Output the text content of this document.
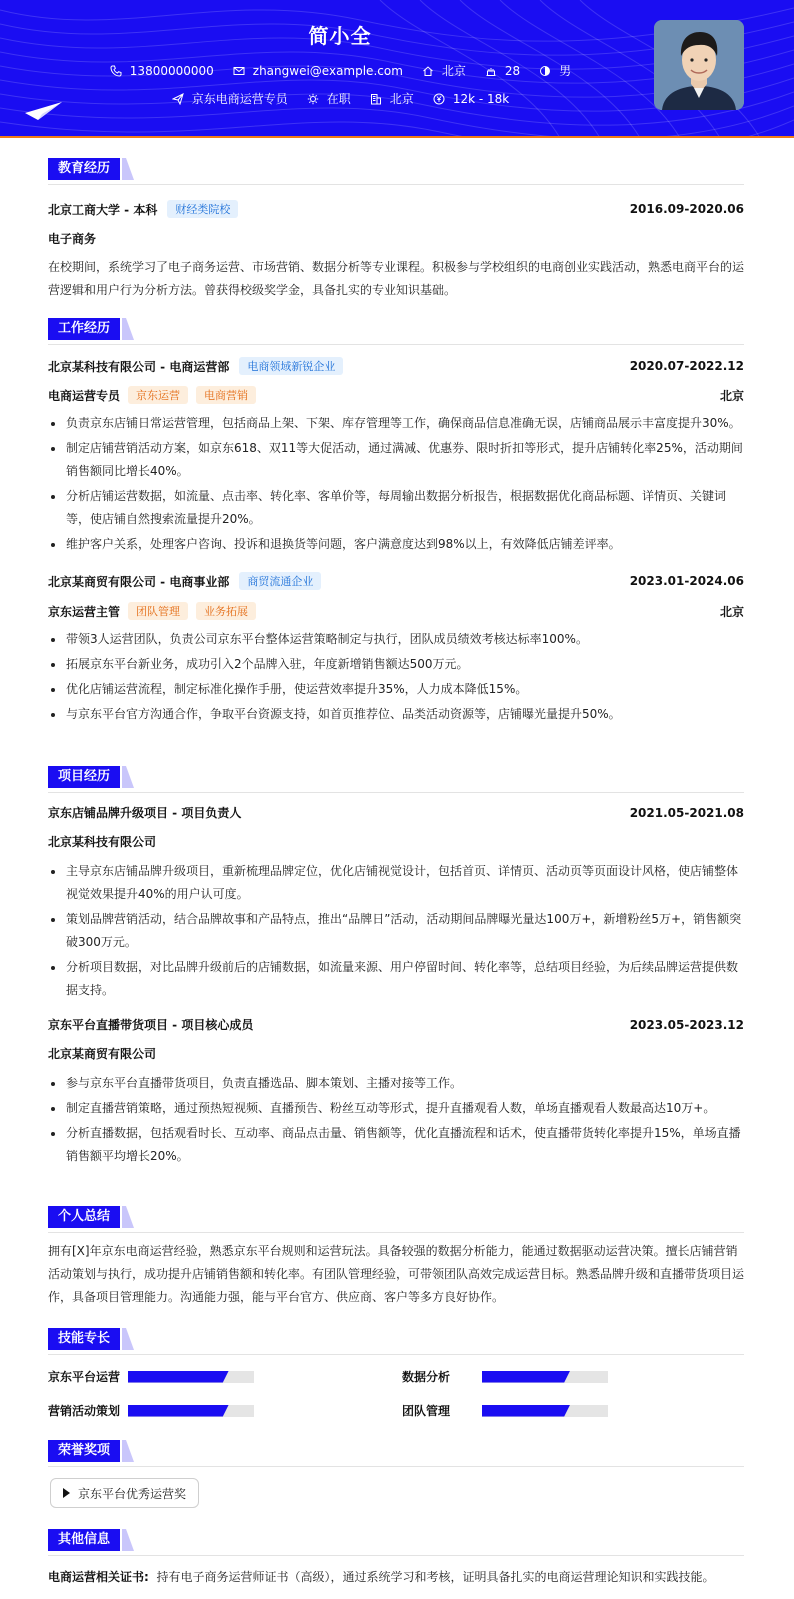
简小全
13800000000	zhangwei@example.com	北京	28	男
京东电商运营专员	在职	北京	12k - 18k
教育经历
北京工商大学 - 本科	财经类院校	2016.09-2020.06
电子商务
在校期间，系统学习了电子商务运营、市场营销、数据分析等专业课程。积极参与学校组织的电商创业实践活动，熟悉电商平台的运营逻辑和用户行为分析方法。曾获得校级奖学金，具备扎实的专业知识基础。
工作经历
北京某科技有限公司 - 电商运营部	电商领域新锐企业	2020.07-2022.12
电商运营专员	京东运营	电商营销	北京
负责京东店铺日常运营管理，包括商品上架、下架、库存管理等工作，确保商品信息准确无误，店铺商品展示丰富度提升30%。
制定店铺营销活动方案，如京东618、双11等大促活动，通过满减、优惠券、限时折扣等形式，提升店铺转化率25%，活动期间销售额同比增长40%。
分析店铺运营数据，如流量、点击率、转化率、客单价等，每周输出数据分析报告，根据数据优化商品标题、详情页、关键词等，使店铺自然搜索流量提升20%。
维护客户关系，处理客户咨询、投诉和退换货等问题，客户满意度达到98%以上，有效降低店铺差评率。
北京某商贸有限公司 - 电商事业部	商贸流通企业	2023.01-2024.06
京东运营主管	团队管理	业务拓展	北京
带领3人运营团队，负责公司京东平台整体运营策略制定与执行，团队成员绩效考核达标率100%。
拓展京东平台新业务，成功引入2个品牌入驻，年度新增销售额达500万元。
优化店铺运营流程，制定标准化操作手册，使运营效率提升35%，人力成本降低15%。
与京东平台官方沟通合作，争取平台资源支持，如首页推荐位、品类活动资源等，店铺曝光量提升50%。
项目经历
京东店铺品牌升级项目 - 项目负责人	2021.05-2021.08
北京某科技有限公司
主导京东店铺品牌升级项目，重新梳理品牌定位，优化店铺视觉设计，包括首页、详情页、活动页等页面设计风格，使店铺整体视觉效果提升40%的用户认可度。
策划品牌营销活动，结合品牌故事和产品特点，推出“品牌日”活动，活动期间品牌曝光量达100万+，新增粉丝5万+，销售额突破300万元。
分析项目数据，对比品牌升级前后的店铺数据，如流量来源、用户停留时间、转化率等，总结项目经验，为后续品牌运营提供数据支持。
京东平台直播带货项目 - 项目核心成员	2023.05-2023.12
北京某商贸有限公司
参与京东平台直播带货项目，负责直播选品、脚本策划、主播对接等工作。
制定直播营销策略，通过预热短视频、直播预告、粉丝互动等形式，提升直播观看人数，单场直播观看人数最高达10万+。
分析直播数据，包括观看时长、互动率、商品点击量、销售额等，优化直播流程和话术，使直播带货转化率提升15%，单场直播销售额平均增长20%。
个人总结
拥有[X]年京东电商运营经验，熟悉京东平台规则和运营玩法。具备较强的数据分析能力，能通过数据驱动运营决策。擅长店铺营销活动策划与执行，成功提升店铺销售额和转化率。有团队管理经验，可带领团队高效完成运营目标。熟悉品牌升级和直播带货项目运作，具备项目管理能力。沟通能力强，能与平台官方、供应商、客户等多方良好协作。
技能专长
京东平台运营	数据分析
营销活动策划	团队管理
荣誉奖项
京东平台优秀运营奖
其他信息
电商运营相关证书: 持有电子商务运营师证书（高级），通过系统学习和考核，证明具备扎实的电商运营理论知识和实践技能。
